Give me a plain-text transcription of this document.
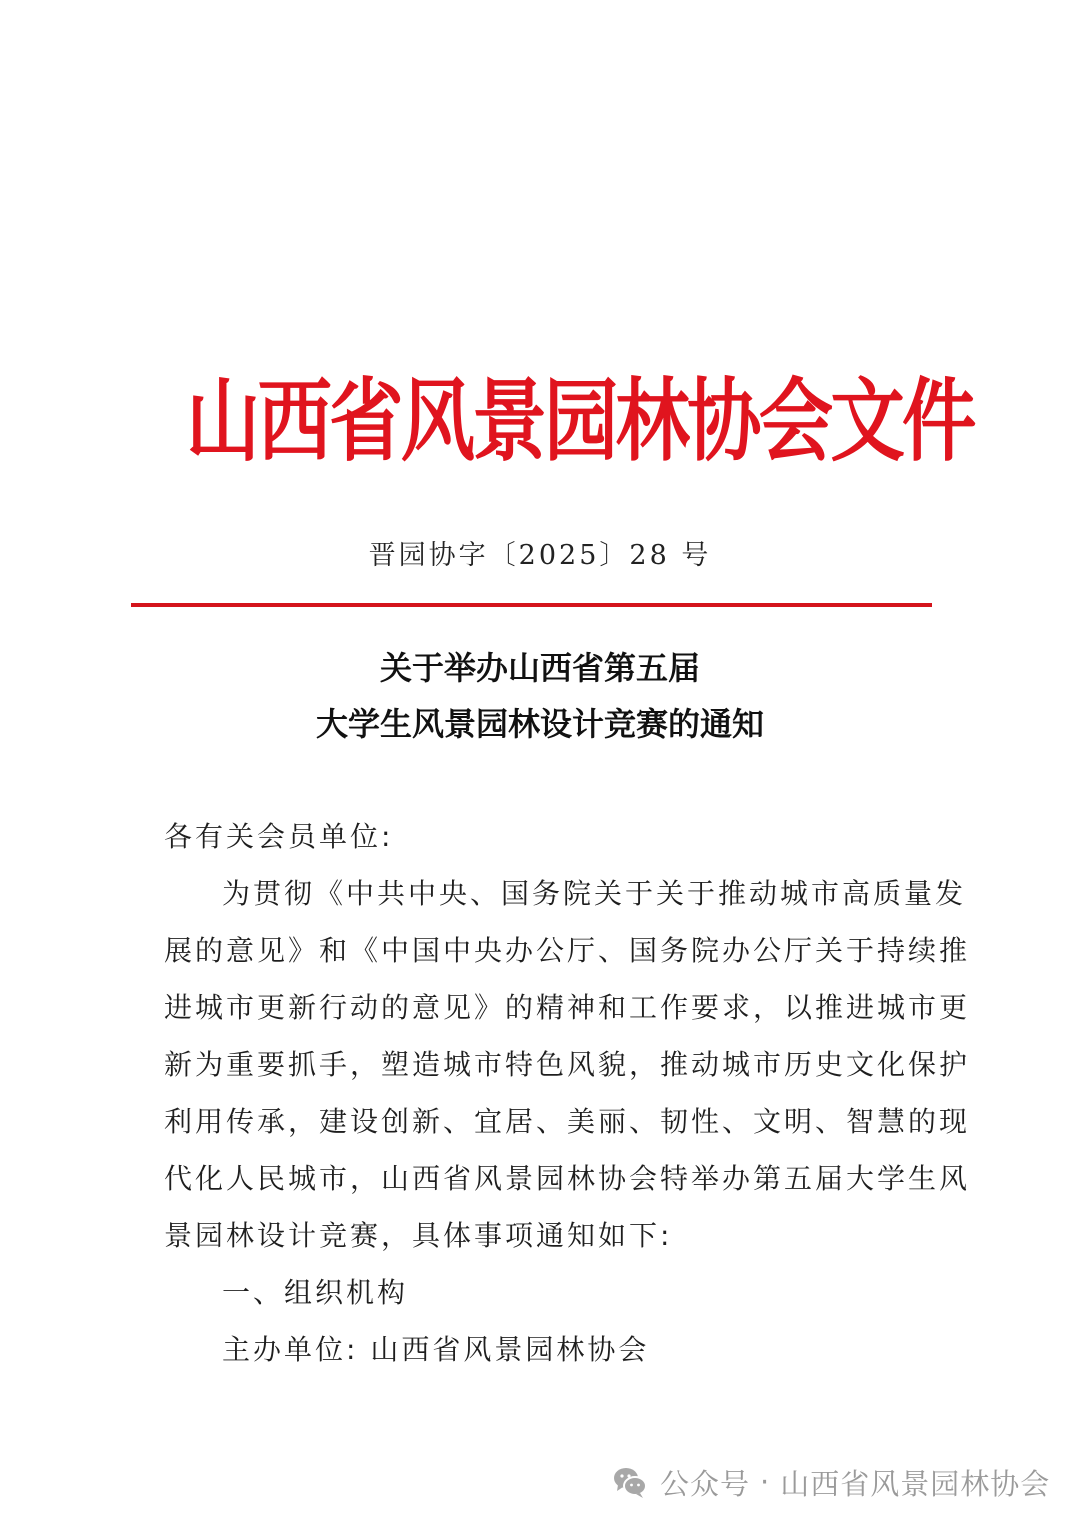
山西省风景园林协会文件
晋园协字〔2025〕28 号
关于举办山西省第五届
大学生风景园林设计竞赛的通知
各有关会员单位:
为贯彻《中共中央、国务院关于关于推动城市高质量发
展的意见》和《中国中央办公厅、国务院办公厅关于持续推
进城市更新行动的意见》的精神和工作要求，以推进城市更
新为重要抓手，塑造城市特色风貌，推动城市历史文化保护
利用传承，建设创新、宜居、美丽、韧性、文明、智慧的现
代化人民城市，山西省风景园林协会特举办第五届大学生风
景园林设计竞赛，具体事项通知如下:
一、组织机构
主办单位: 山西省风景园林协会
公众号 · 山西省风景园林协会
